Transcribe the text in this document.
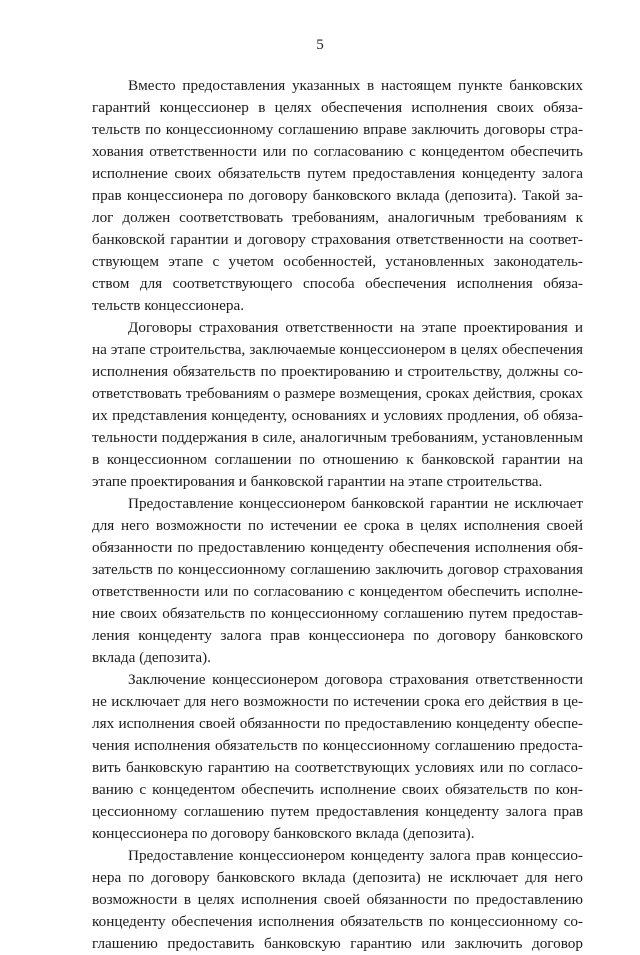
5
Вместо предоставления указанных в настоящем пункте банковских
гарантий концессионер в целях обеспечения исполнения своих обяза-
тельств по концессионному соглашению вправе заключить договоры стра-
хования ответственности или по согласованию с концедентом обеспечить
исполнение своих обязательств путем предоставления концеденту залога
прав концессионера по договору банковского вклада (депозита). Такой за-
лог должен соответствовать требованиям, аналогичным требованиям к
банковской гарантии и договору страхования ответственности на соответ-
ствующем этапе с учетом особенностей, установленных законодатель-
ством для соответствующего способа обеспечения исполнения обяза-
тельств концессионера.
Договоры страхования ответственности на этапе проектирования и
на этапе строительства, заключаемые концессионером в целях обеспечения
исполнения обязательств по проектированию и строительству, должны со-
ответствовать требованиям о размере возмещения, сроках действия, сроках
их представления концеденту, основаниях и условиях продления, об обяза-
тельности поддержания в силе, аналогичным требованиям, установленным
в концессионном соглашении по отношению к банковской гарантии на
этапе проектирования и банковской гарантии на этапе строительства.
Предоставление концессионером банковской гарантии не исключает
для него возможности по истечении ее срока в целях исполнения своей
обязанности по предоставлению концеденту обеспечения исполнения обя-
зательств по концессионному соглашению заключить договор страхования
ответственности или по согласованию с концедентом обеспечить исполне-
ние своих обязательств по концессионному соглашению путем предостав-
ления концеденту залога прав концессионера по договору банковского
вклада (депозита).
Заключение концессионером договора страхования ответственности
не исключает для него возможности по истечении срока его действия в це-
лях исполнения своей обязанности по предоставлению концеденту обеспе-
чения исполнения обязательств по концессионному соглашению предоста-
вить банковскую гарантию на соответствующих условиях или по согласо-
ванию с концедентом обеспечить исполнение своих обязательств по кон-
цессионному соглашению путем предоставления концеденту залога прав
концессионера по договору банковского вклада (депозита).
Предоставление концессионером концеденту залога прав концессио-
нера по договору банковского вклада (депозита) не исключает для него
возможности в целях исполнения своей обязанности по предоставлению
концеденту обеспечения исполнения обязательств по концессионному со-
глашению предоставить банковскую гарантию или заключить договор
